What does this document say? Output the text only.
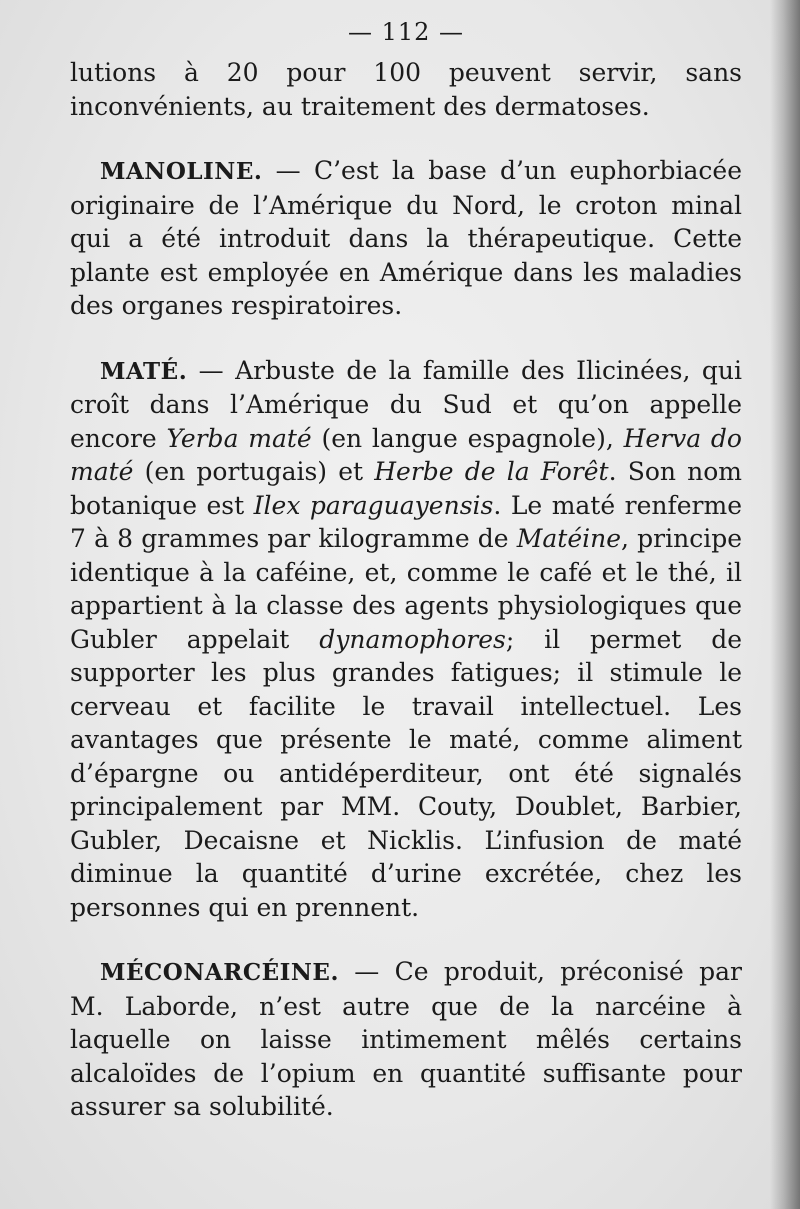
— 112 —

lutions à 20 pour 100 peuvent servir, sans inconvénients, au traitement des dermatoses.

MANOLINE. — C’est la base d’un euphorbiacée originaire de l’Amérique du Nord, le croton minal qui a été introduit dans la thérapeutique. Cette plante est employée en Amérique dans les maladies des organes respiratoires.

MATÉ. — Arbuste de la famille des Ilicinées, qui croît dans l’Amérique du Sud et qu’on appelle encore Yerba maté (en langue espagnole), Herva do maté (en portugais) et Herbe de la Forêt. Son nom botanique est Ilex paraguayensis. Le maté renferme 7 à 8 grammes par kilogramme de Matéine, principe identique à la caféine, et, comme le café et le thé, il appartient à la classe des agents physiologiques que Gubler appelait dynamophores; il permet de supporter les plus grandes fatigues; il stimule le cerveau et facilite le travail intellectuel. Les avantages que présente le maté, comme aliment d’épargne ou antidéperditeur, ont été signalés principalement par MM. Couty, Doublet, Barbier, Gubler, Decaisne et Nicklis. L’infusion de maté diminue la quantité d’urine excrétée, chez les personnes qui en prennent.

MÉCONARCÉINE. — Ce produit, préconisé par M. Laborde, n’est autre que de la narcéine à laquelle on laisse intimement mêlés certains alcaloïdes de l’opium en quantité suffisante pour assurer sa solubilité.
